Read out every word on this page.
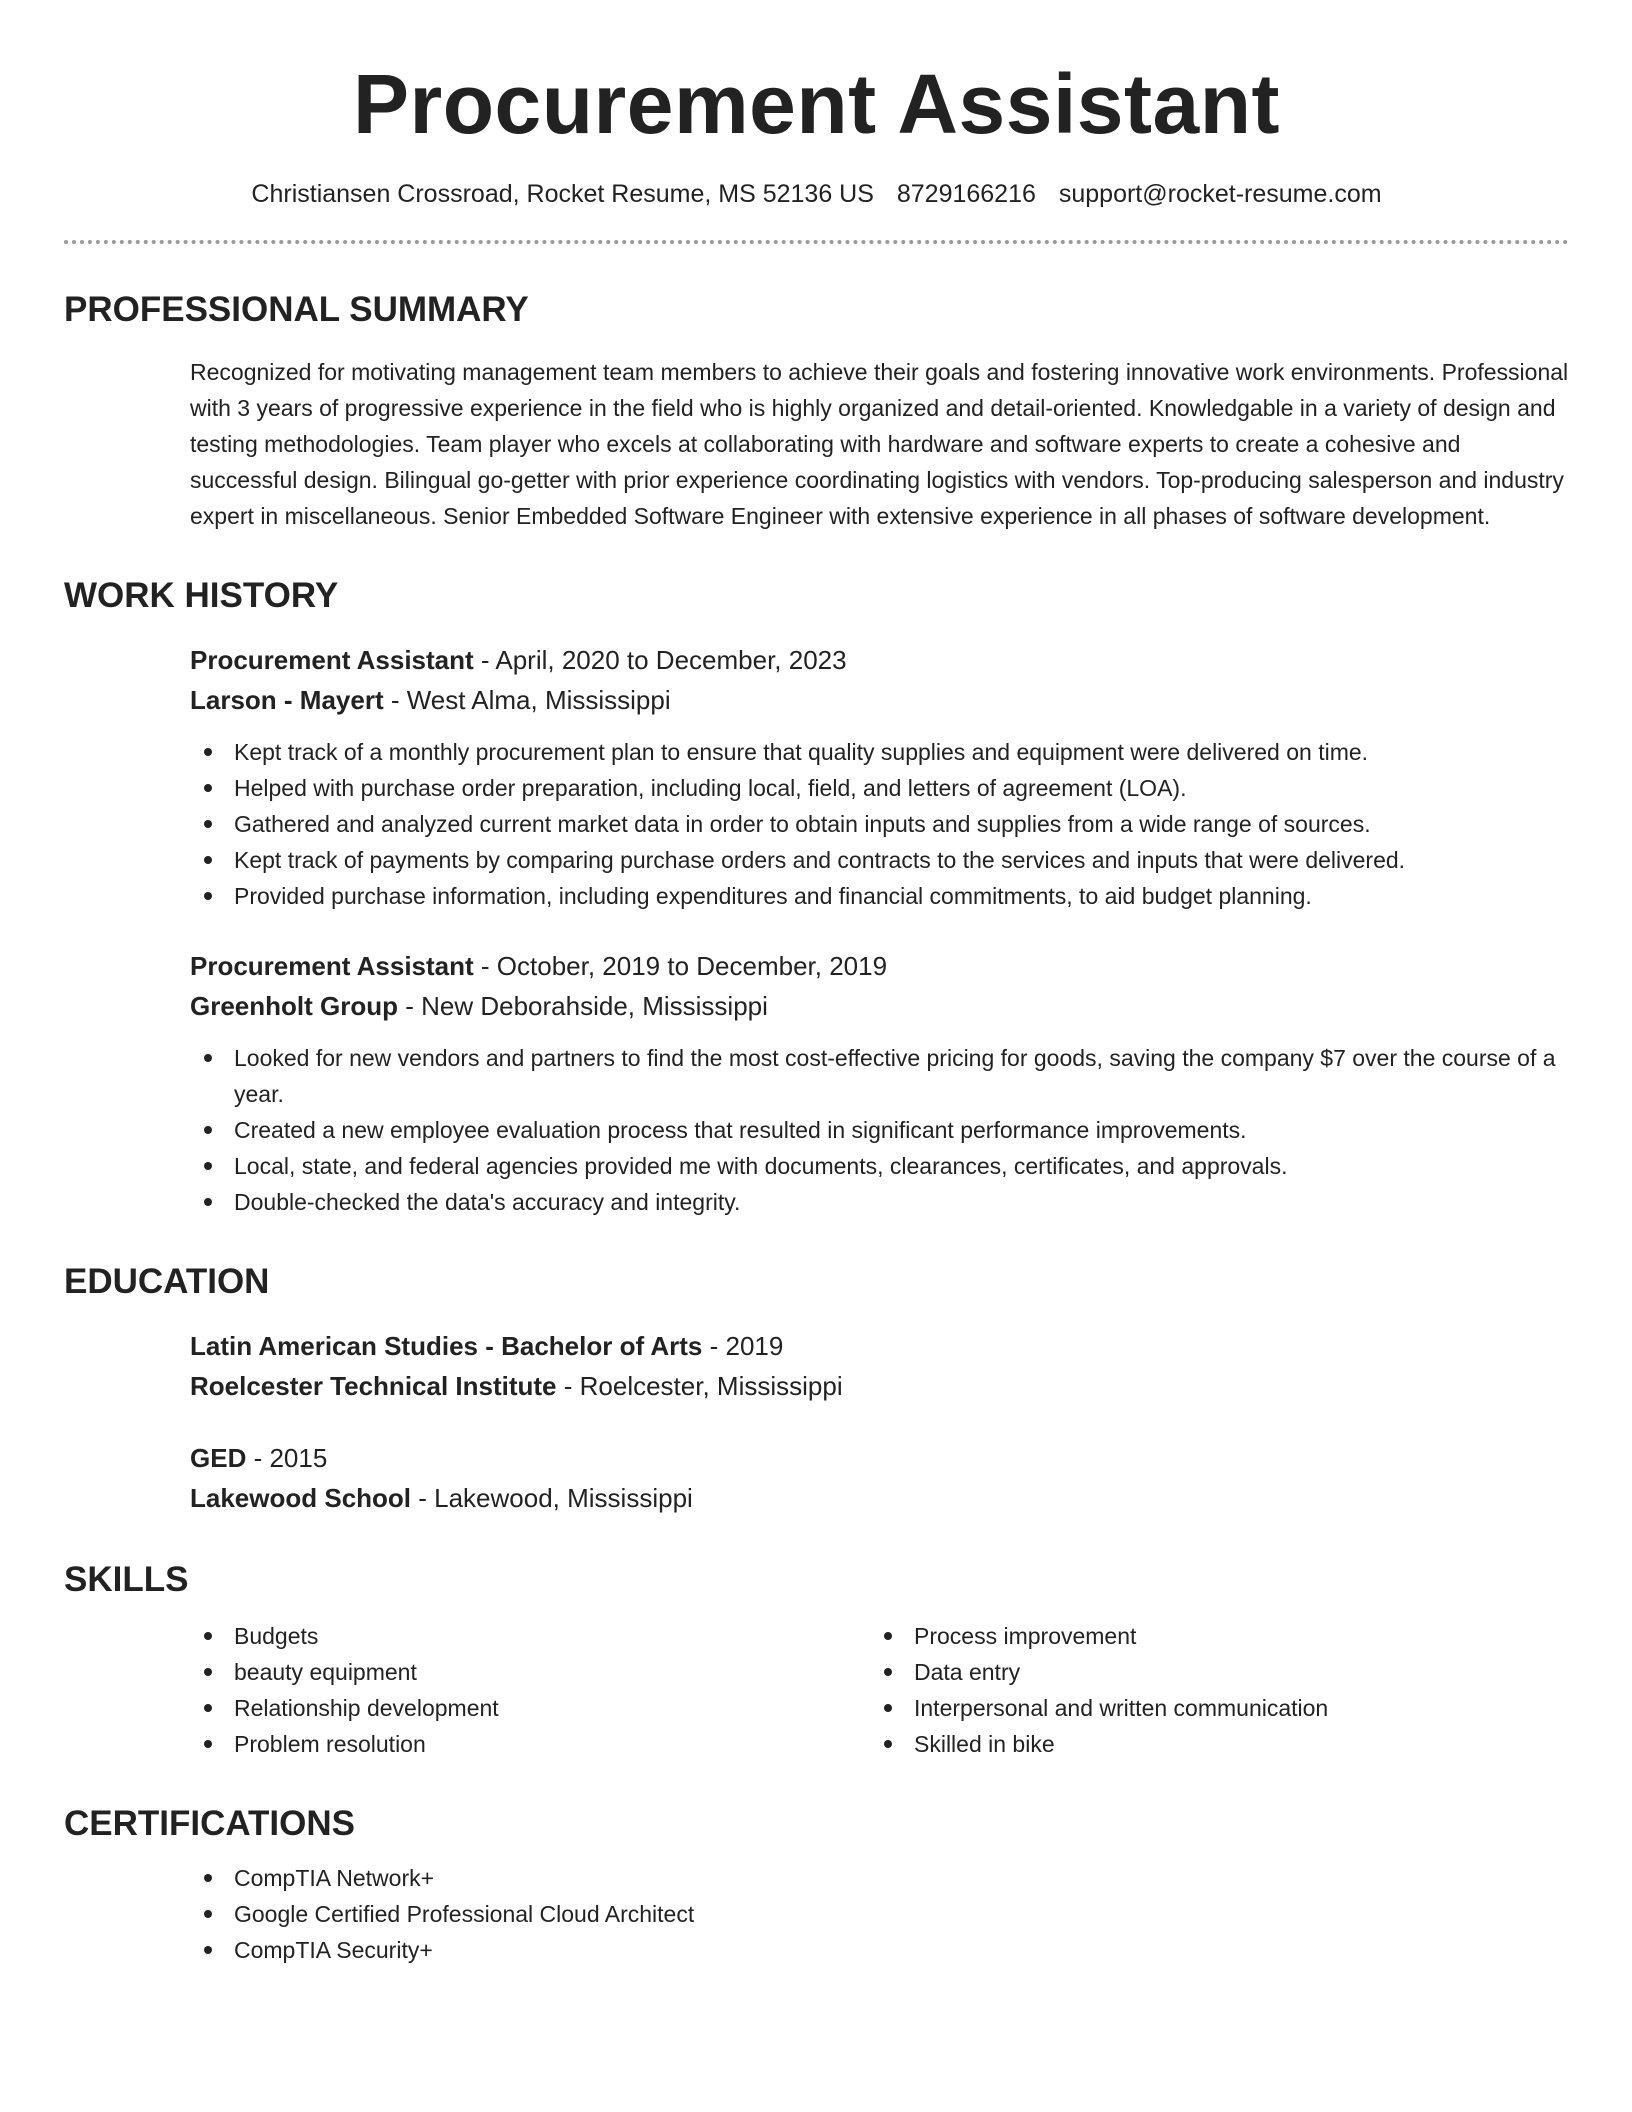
Procurement Assistant
Christiansen Crossroad, Rocket Resume, MS 52136 US 8729166216 support@rocket-resume.com
PROFESSIONAL SUMMARY

Recognized for motivating management team members to achieve their goals and fostering innovative work environments. Professional with 3 years of progressive experience in the field who is highly organized and detail-oriented. Knowledgable in a variety of design and testing methodologies. Team player who excels at collaborating with hardware and software experts to create a cohesive and successful design. Bilingual go-getter with prior experience coordinating logistics with vendors. Top-producing salesperson and industry expert in miscellaneous. Senior Embedded Software Engineer with extensive experience in all phases of software development.

WORK HISTORY

Procurement Assistant - April, 2020 to December, 2023

Larson - Mayert - West Alma, Mississippi

Kept track of a monthly procurement plan to ensure that quality supplies and equipment were delivered on time.
Helped with purchase order preparation, including local, field, and letters of agreement (LOA).
Gathered and analyzed current market data in order to obtain inputs and supplies from a wide range of sources.
Kept track of payments by comparing purchase orders and contracts to the services and inputs that were delivered.
Provided purchase information, including expenditures and financial commitments, to aid budget planning.

Procurement Assistant - October, 2019 to December, 2019

Greenholt Group - New Deborahside, Mississippi

Looked for new vendors and partners to find the most cost-effective pricing for goods, saving the company $7 over the course of a year.
Created a new employee evaluation process that resulted in significant performance improvements.
Local, state, and federal agencies provided me with documents, clearances, certificates, and approvals.
Double-checked the data's accuracy and integrity.
EDUCATION

Latin American Studies - Bachelor of Arts - 2019

Roelcester Technical Institute - Roelcester, Mississippi

GED - 2015

Lakewood School - Lakewood, Mississippi

SKILLS
Budgets
beauty equipment
Relationship development
Problem resolution
Process improvement
Data entry
Interpersonal and written communication
Skilled in bike
CERTIFICATIONS
CompTIA Network+
Google Certified Professional Cloud Architect
CompTIA Security+
